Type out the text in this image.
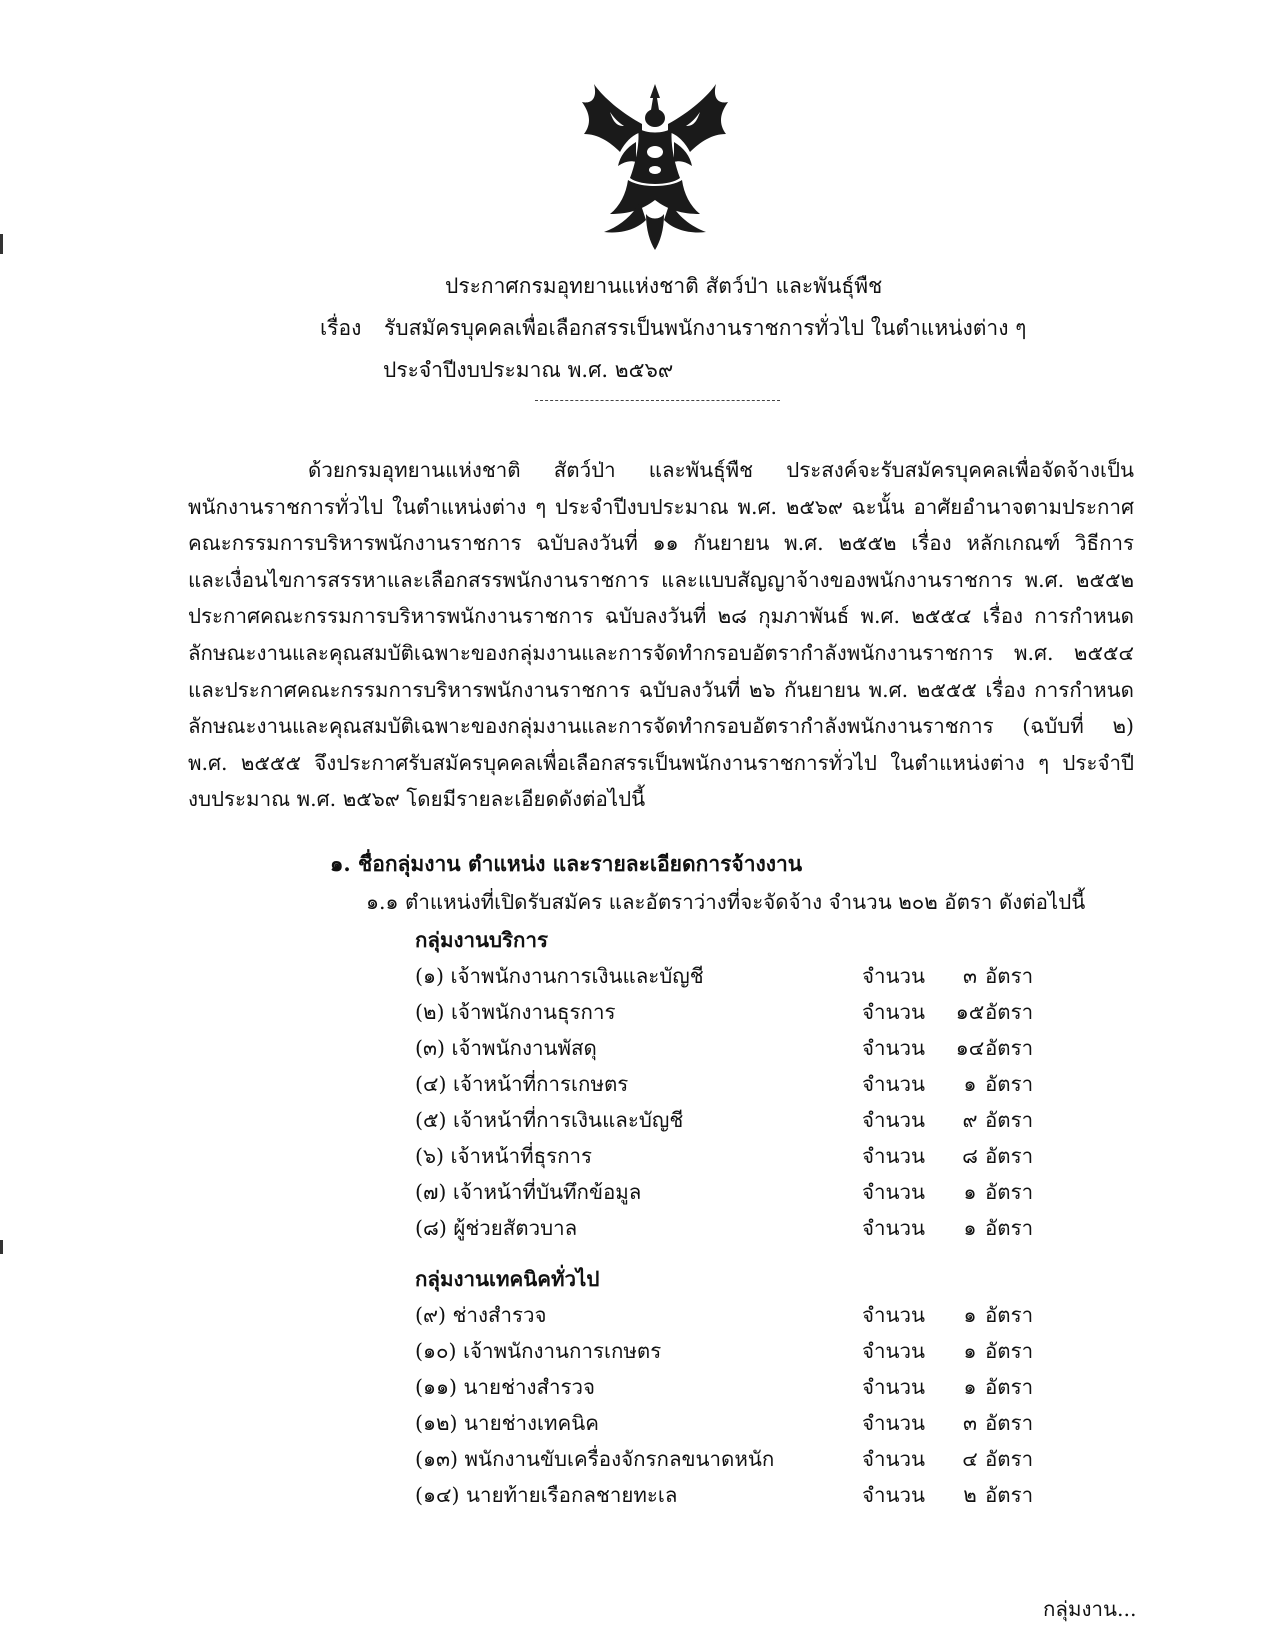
ประกาศกรมอุทยานแห่งชาติ สัตว์ป่า และพันธุ์พืช
เรื่อง รับสมัครบุคคลเพื่อเลือกสรรเป็นพนักงานราชการทั่วไป ในตำแหน่งต่าง ๆ
ประจำปีงบประมาณ พ.ศ. ๒๕๖๙
ด้วยกรมอุทยานแห่งชาติ สัตว์ป่า และพันธุ์พืช ประสงค์จะรับสมัครบุคคลเพื่อจัดจ้างเป็น
พนักงานราชการทั่วไป ในตำแหน่งต่าง ๆ ประจำปีงบประมาณ พ.ศ. ๒๕๖๙ ฉะนั้น อาศัยอำนาจตามประกาศ
คณะกรรมการบริหารพนักงานราชการ ฉบับลงวันที่ ๑๑ กันยายน พ.ศ. ๒๕๕๒ เรื่อง หลักเกณฑ์ วิธีการ
และเงื่อนไขการสรรหาและเลือกสรรพนักงานราชการ และแบบสัญญาจ้างของพนักงานราชการ พ.ศ. ๒๕๕๒
ประกาศคณะกรรมการบริหารพนักงานราชการ ฉบับลงวันที่ ๒๘ กุมภาพันธ์ พ.ศ. ๒๕๕๔ เรื่อง การกำหนด
ลักษณะงานและคุณสมบัติเฉพาะของกลุ่มงานและการจัดทำกรอบอัตรากำลังพนักงานราชการ พ.ศ. ๒๕๕๔
และประกาศคณะกรรมการบริหารพนักงานราชการ ฉบับลงวันที่ ๒๖ กันยายน พ.ศ. ๒๕๕๕ เรื่อง การกำหนด
ลักษณะงานและคุณสมบัติเฉพาะของกลุ่มงานและการจัดทำกรอบอัตรากำลังพนักงานราชการ (ฉบับที่ ๒)
พ.ศ. ๒๕๕๕ จึงประกาศรับสมัครบุคคลเพื่อเลือกสรรเป็นพนักงานราชการทั่วไป ในตำแหน่งต่าง ๆ ประจำปี
งบประมาณ พ.ศ. ๒๕๖๙ โดยมีรายละเอียดดังต่อไปนี้
๑. ชื่อกลุ่มงาน ตำแหน่ง และรายละเอียดการจ้างงาน
๑.๑ ตำแหน่งที่เปิดรับสมัคร และอัตราว่างที่จะจัดจ้าง จำนวน ๒๐๒ อัตรา ดังต่อไปนี้
กลุ่มงานบริการ
กลุ่มงานเทคนิคทั่วไป
(๑) เจ้าพนักงานการเงินและบัญชี	จำนวน	๓ อัตรา
(๒) เจ้าพนักงานธุรการ	จำนวน ๑๕ อัตรา
(๓) เจ้าพนักงานพัสดุ	จำนวน ๑๔ อัตรา
(๔) เจ้าหน้าที่การเกษตร	จำนวน	๑ อัตรา
(๕) เจ้าหน้าที่การเงินและบัญชี	จำนวน	๙ อัตรา
(๖) เจ้าหน้าที่ธุรการ	จำนวน	๘ อัตรา
(๗) เจ้าหน้าที่บันทึกข้อมูล	จำนวน	๑ อัตรา
(๘) ผู้ช่วยสัตวบาล	จำนวน	๑ อัตรา
(๙) ช่างสำรวจ	จำนวน	๑ อัตรา
(๑๐) เจ้าพนักงานการเกษตร	จำนวน	๑ อัตรา
(๑๑) นายช่างสำรวจ	จำนวน	๑ อัตรา
(๑๒) นายช่างเทคนิค	จำนวน	๓ อัตรา
(๑๓) พนักงานขับเครื่องจักรกลขนาดหนัก	จำนวน	๔ อัตรา
(๑๔) นายท้ายเรือกลชายทะเล	จำนวน	๒ อัตรา
กลุ่มงาน...
